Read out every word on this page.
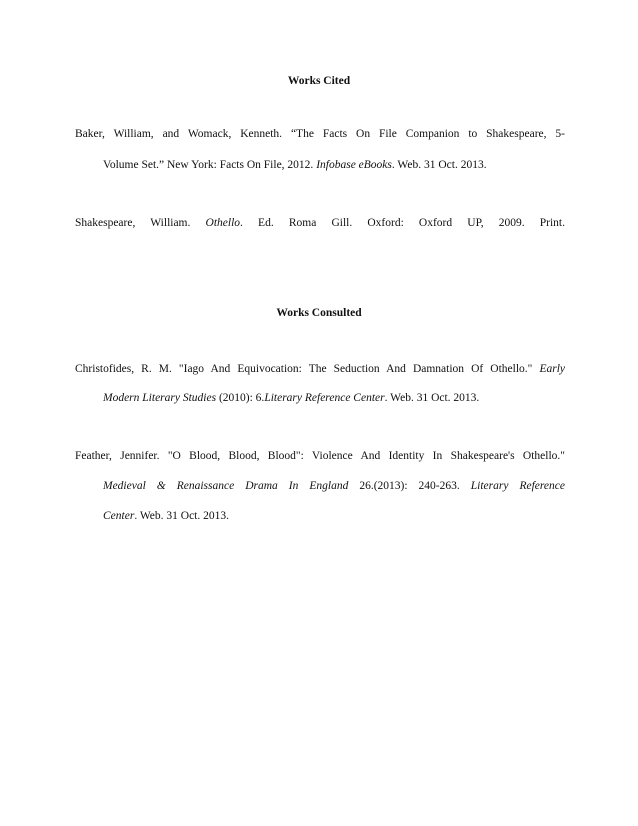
Works Cited
Baker, William, and Womack, Kenneth. “The Facts On File Companion to Shakespeare, 5-
Volume Set.” New York: Facts On File, 2012. Infobase eBooks. Web. 31 Oct. 2013.
Shakespeare, William. Othello. Ed. Roma Gill. Oxford: Oxford UP, 2009. Print.
Works Consulted
Christofides, R. M. "Iago And Equivocation: The Seduction And Damnation Of Othello." Early
Modern Literary Studies (2010): 6.Literary Reference Center. Web. 31 Oct. 2013.
Feather, Jennifer. "O Blood, Blood, Blood": Violence And Identity In Shakespeare's Othello."
Medieval & Renaissance Drama In England 26.(2013): 240-263. Literary Reference
Center. Web. 31 Oct. 2013.
